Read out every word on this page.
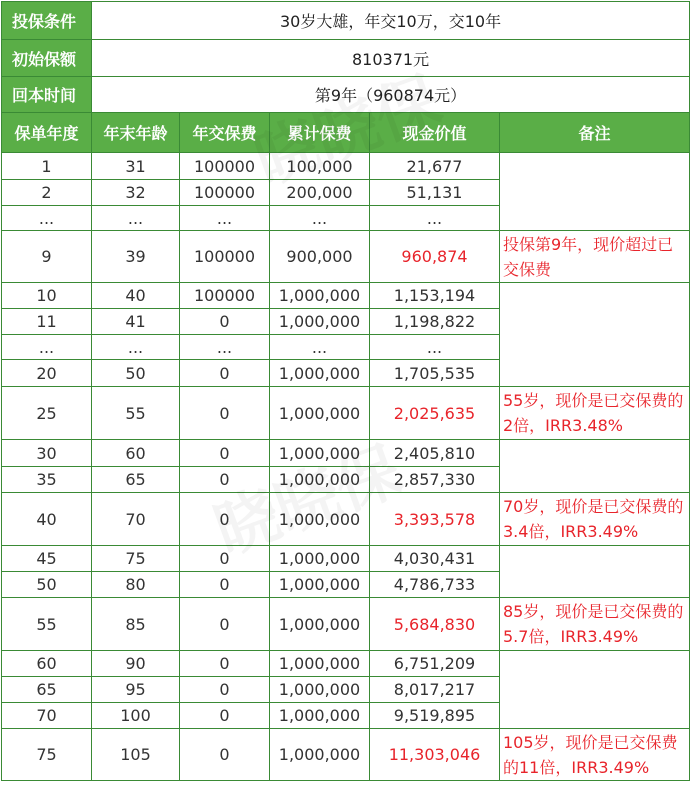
投保条件	30岁大雄，年交10万，交10年				
初始保额	810371元				
回本时间	第9年（960874元）				
保单年度	年末年龄	年交保费	累计保费	现金价值	备注
1	31	100000	100,000	21,677	
2	32	100000	200,000	51,131	
...	...	...	...	...	
9	39	100000	900,000	960,874	投保第9年，现价超过已交保费
10	40	100000	1,000,000	1,153,194	
11	41	0	1,000,000	1,198,822	
...	...	...	...	...	
20	50	0	1,000,000	1,705,535	
25	55	0	1,000,000	2,025,635	55岁，现价是已交保费的2倍，IRR3.48%
30	60	0	1,000,000	2,405,810	
35	65	0	1,000,000	2,857,330	
40	70	0	1,000,000	3,393,578	70岁，现价是已交保费的3.4倍，IRR3.49%
45	75	0	1,000,000	4,030,431	
50	80	0	1,000,000	4,786,733	
55	85	0	1,000,000	5,684,830	85岁，现价是已交保费的5.7倍，IRR3.49%
60	90	0	1,000,000	6,751,209	
65	95	0	1,000,000	8,017,217	
70	100	0	1,000,000	9,519,895	
75	105	0	1,000,000	11,303,046	105岁，现价是已交保费的11倍，IRR3.49%
